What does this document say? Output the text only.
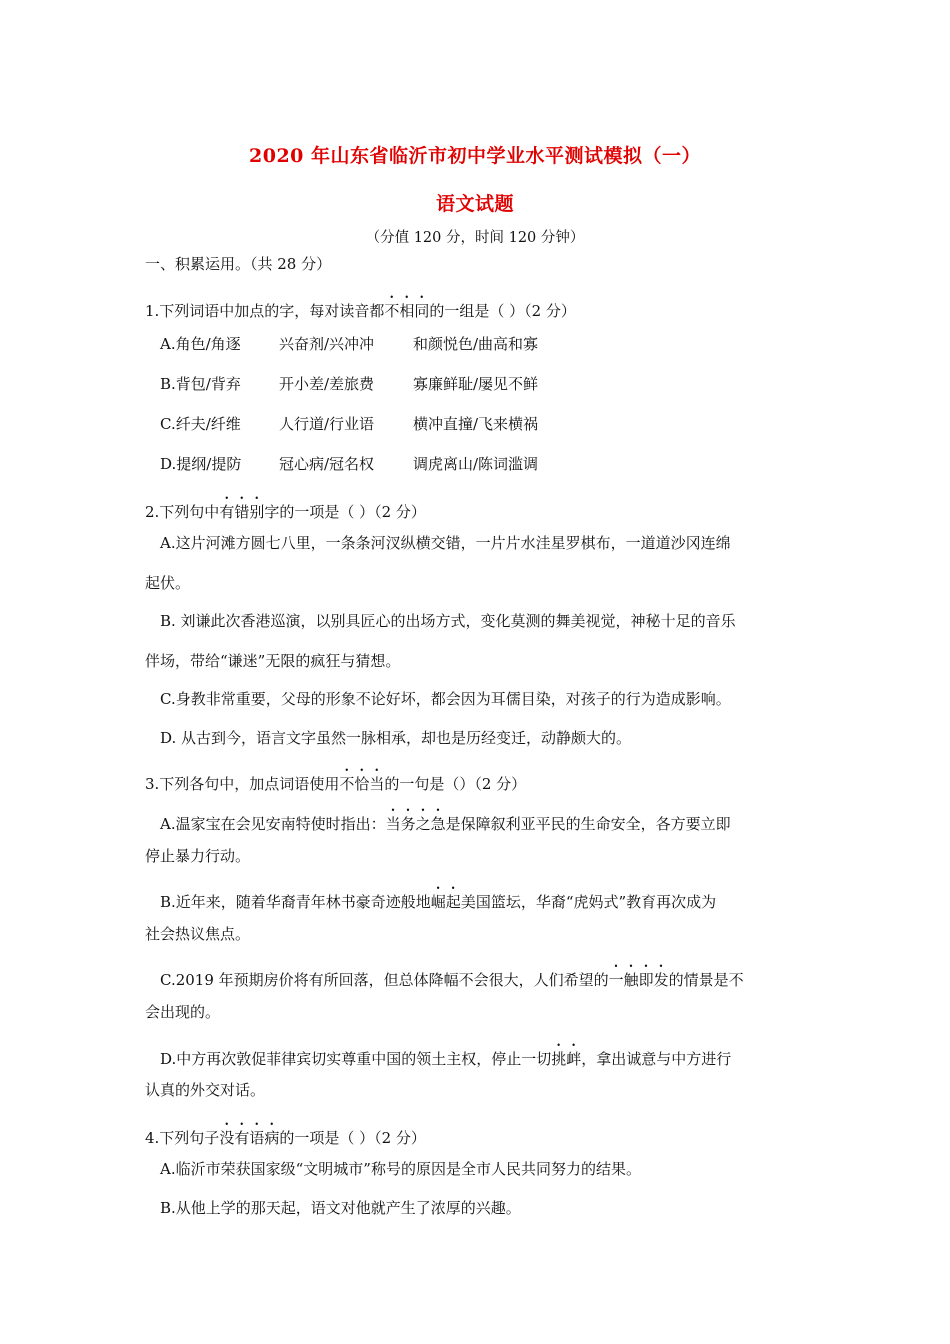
2020 年山东省临沂市初中学业水平测试模拟（一）
语文试题
（分值 120 分，时间 120 分钟）
一、积累运用。（共 28 分）
1.下列词语中加点的字，每对读音都不相同的一组是（ ）（2 分）
A.角色/角逐	兴奋剂/兴冲冲	和颜悦色/曲高和寡
B.背包/背弃	开小差/差旅费	寡廉鲜耻/屡见不鲜
C.纤夫/纤维	人行道/行业语	横冲直撞/飞来横祸
D.提纲/提防	冠心病/冠名权	调虎离山/陈词滥调
2.下列句中有错别字的一项是（ ）（2 分）
A.这片河滩方圆七八里，一条条河汊纵横交错，一片片水洼星罗棋布，一道道沙冈连绵
起伏。
B. 刘谦此次香港巡演，以别具匠心的出场方式，变化莫测的舞美视觉，神秘十足的音乐
伴场，带给“谦迷”无限的疯狂与猜想。
C.身教非常重要，父母的形象不论好坏，都会因为耳儒目染，对孩子的行为造成影响。
D. 从古到今，语言文字虽然一脉相承，却也是历经变迁，动静颇大的。
3.下列各句中，加点词语使用不恰当的一句是（）（2 分）
A.温家宝在会见安南特使时指出：当务之急是保障叙利亚平民的生命安全，各方要立即
停止暴力行动。
B.近年来，随着华裔青年林书豪奇迹般地崛起美国篮坛，华裔“虎妈式”教育再次成为
社会热议焦点。
C.2019 年预期房价将有所回落，但总体降幅不会很大，人们希望的一触即发的情景是不
会出现的。
D.中方再次敦促菲律宾切实尊重中国的领土主权，停止一切挑衅，拿出诚意与中方进行
认真的外交对话。
4.下列句子没有语病的一项是（ ）（2 分）
A.临沂市荣获国家级“文明城市”称号的原因是全市人民共同努力的结果。
B.从他上学的那天起，语文对他就产生了浓厚的兴趣。
